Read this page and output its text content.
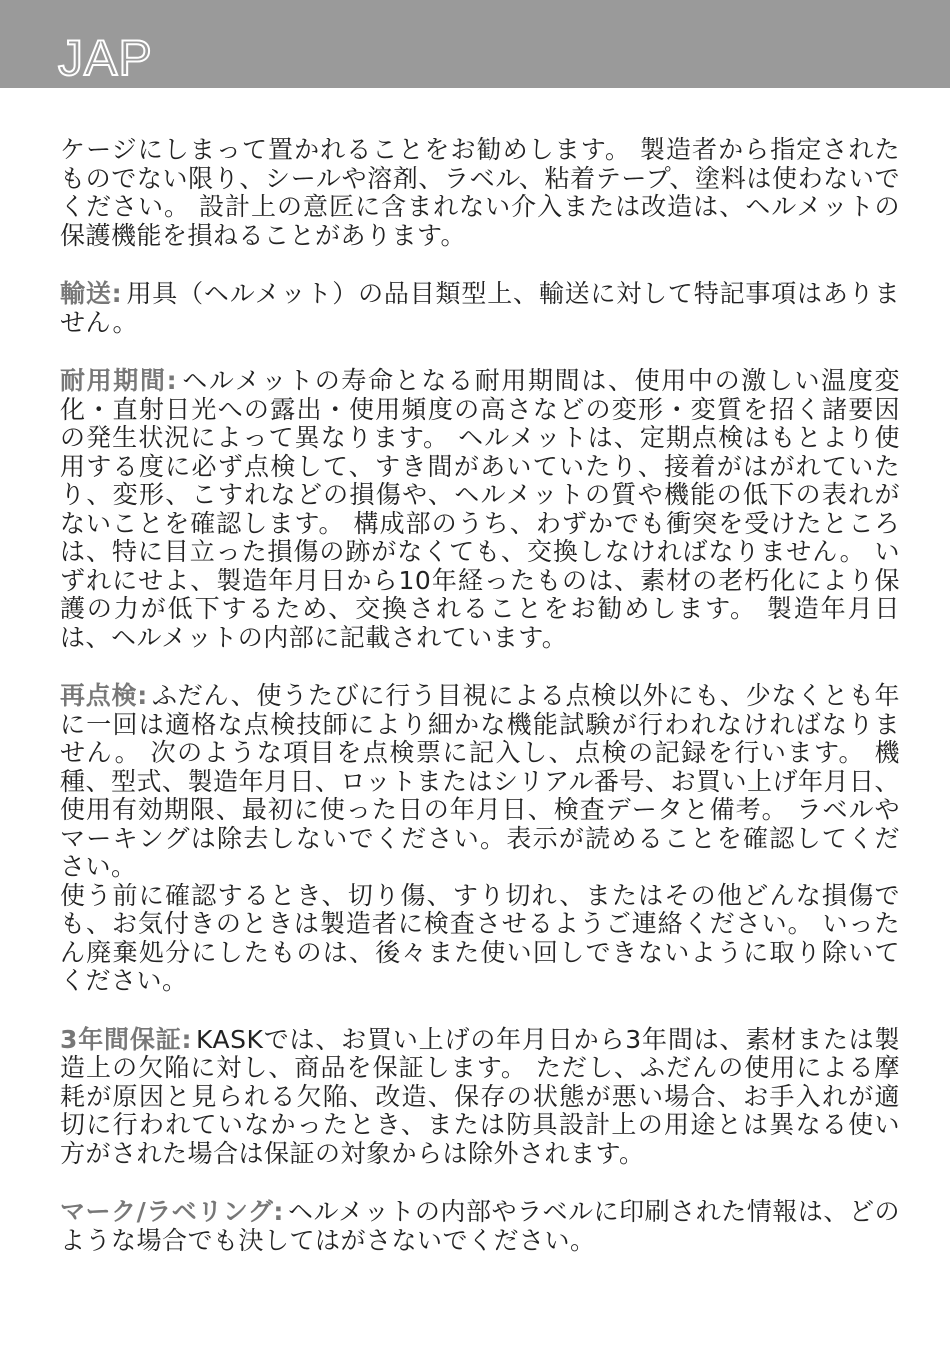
JAP

ケージにしまって置かれることをお勧めします。 製造者から指定されたものでない限り、シールや溶剤、ラベル、粘着テープ、塗料は使わないでください。 設計上の意匠に含まれない介入または改造は、ヘルメットの保護機能を損ねることがあります。

輸送: 用具（ヘルメット）の品目類型上、輸送に対して特記事項はありません。

耐用期間: ヘルメットの寿命となる耐用期間は、使用中の激しい温度変化・直射日光への露出・使用頻度の高さなどの変形・変質を招く諸要因の発生状況によって異なります。 ヘルメットは、定期点検はもとより使用する度に必ず点検して、すき間があいていたり、接着がはがれていたり、変形、こすれなどの損傷や、ヘルメットの質や機能の低下の表れがないことを確認します。 構成部のうち、わずかでも衝突を受けたところは、特に目立った損傷の跡がなくても、交換しなければなりません。 いずれにせよ、製造年月日から10年経ったものは、素材の老朽化により保護の力が低下するため、交換されることをお勧めします。 製造年月日は、ヘルメットの内部に記載されています。

再点検: ふだん、使うたびに行う目視による点検以外にも、少なくとも年に一回は適格な点検技師により細かな機能試験が行われなければなりません。 次のような項目を点検票に記入し、点検の記録を行います。 機種、型式、製造年月日、ロットまたはシリアル番号、お買い上げ年月日、使用有効期限、最初に使った日の年月日、検査データと備考。 ラベルやマーキングは除去しないでください。表示が読めることを確認してください。

使う前に確認するとき、切り傷、すり切れ、またはその他どんな損傷でも、お気付きのときは製造者に検査させるようご連絡ください。 いったん廃棄処分にしたものは、後々また使い回しできないように取り除いてください。

3年間保証: KASKでは、お買い上げの年月日から3年間は、素材または製造上の欠陥に対し、商品を保証します。 ただし、ふだんの使用による摩耗が原因と見られる欠陥、改造、保存の状態が悪い場合、お手入れが適切に行われていなかったとき、または防具設計上の用途とは異なる使い方がされた場合は保証の対象からは除外されます。

マーク/ラベリング: ヘルメットの内部やラベルに印刷された情報は、どのような場合でも決してはがさないでください。
